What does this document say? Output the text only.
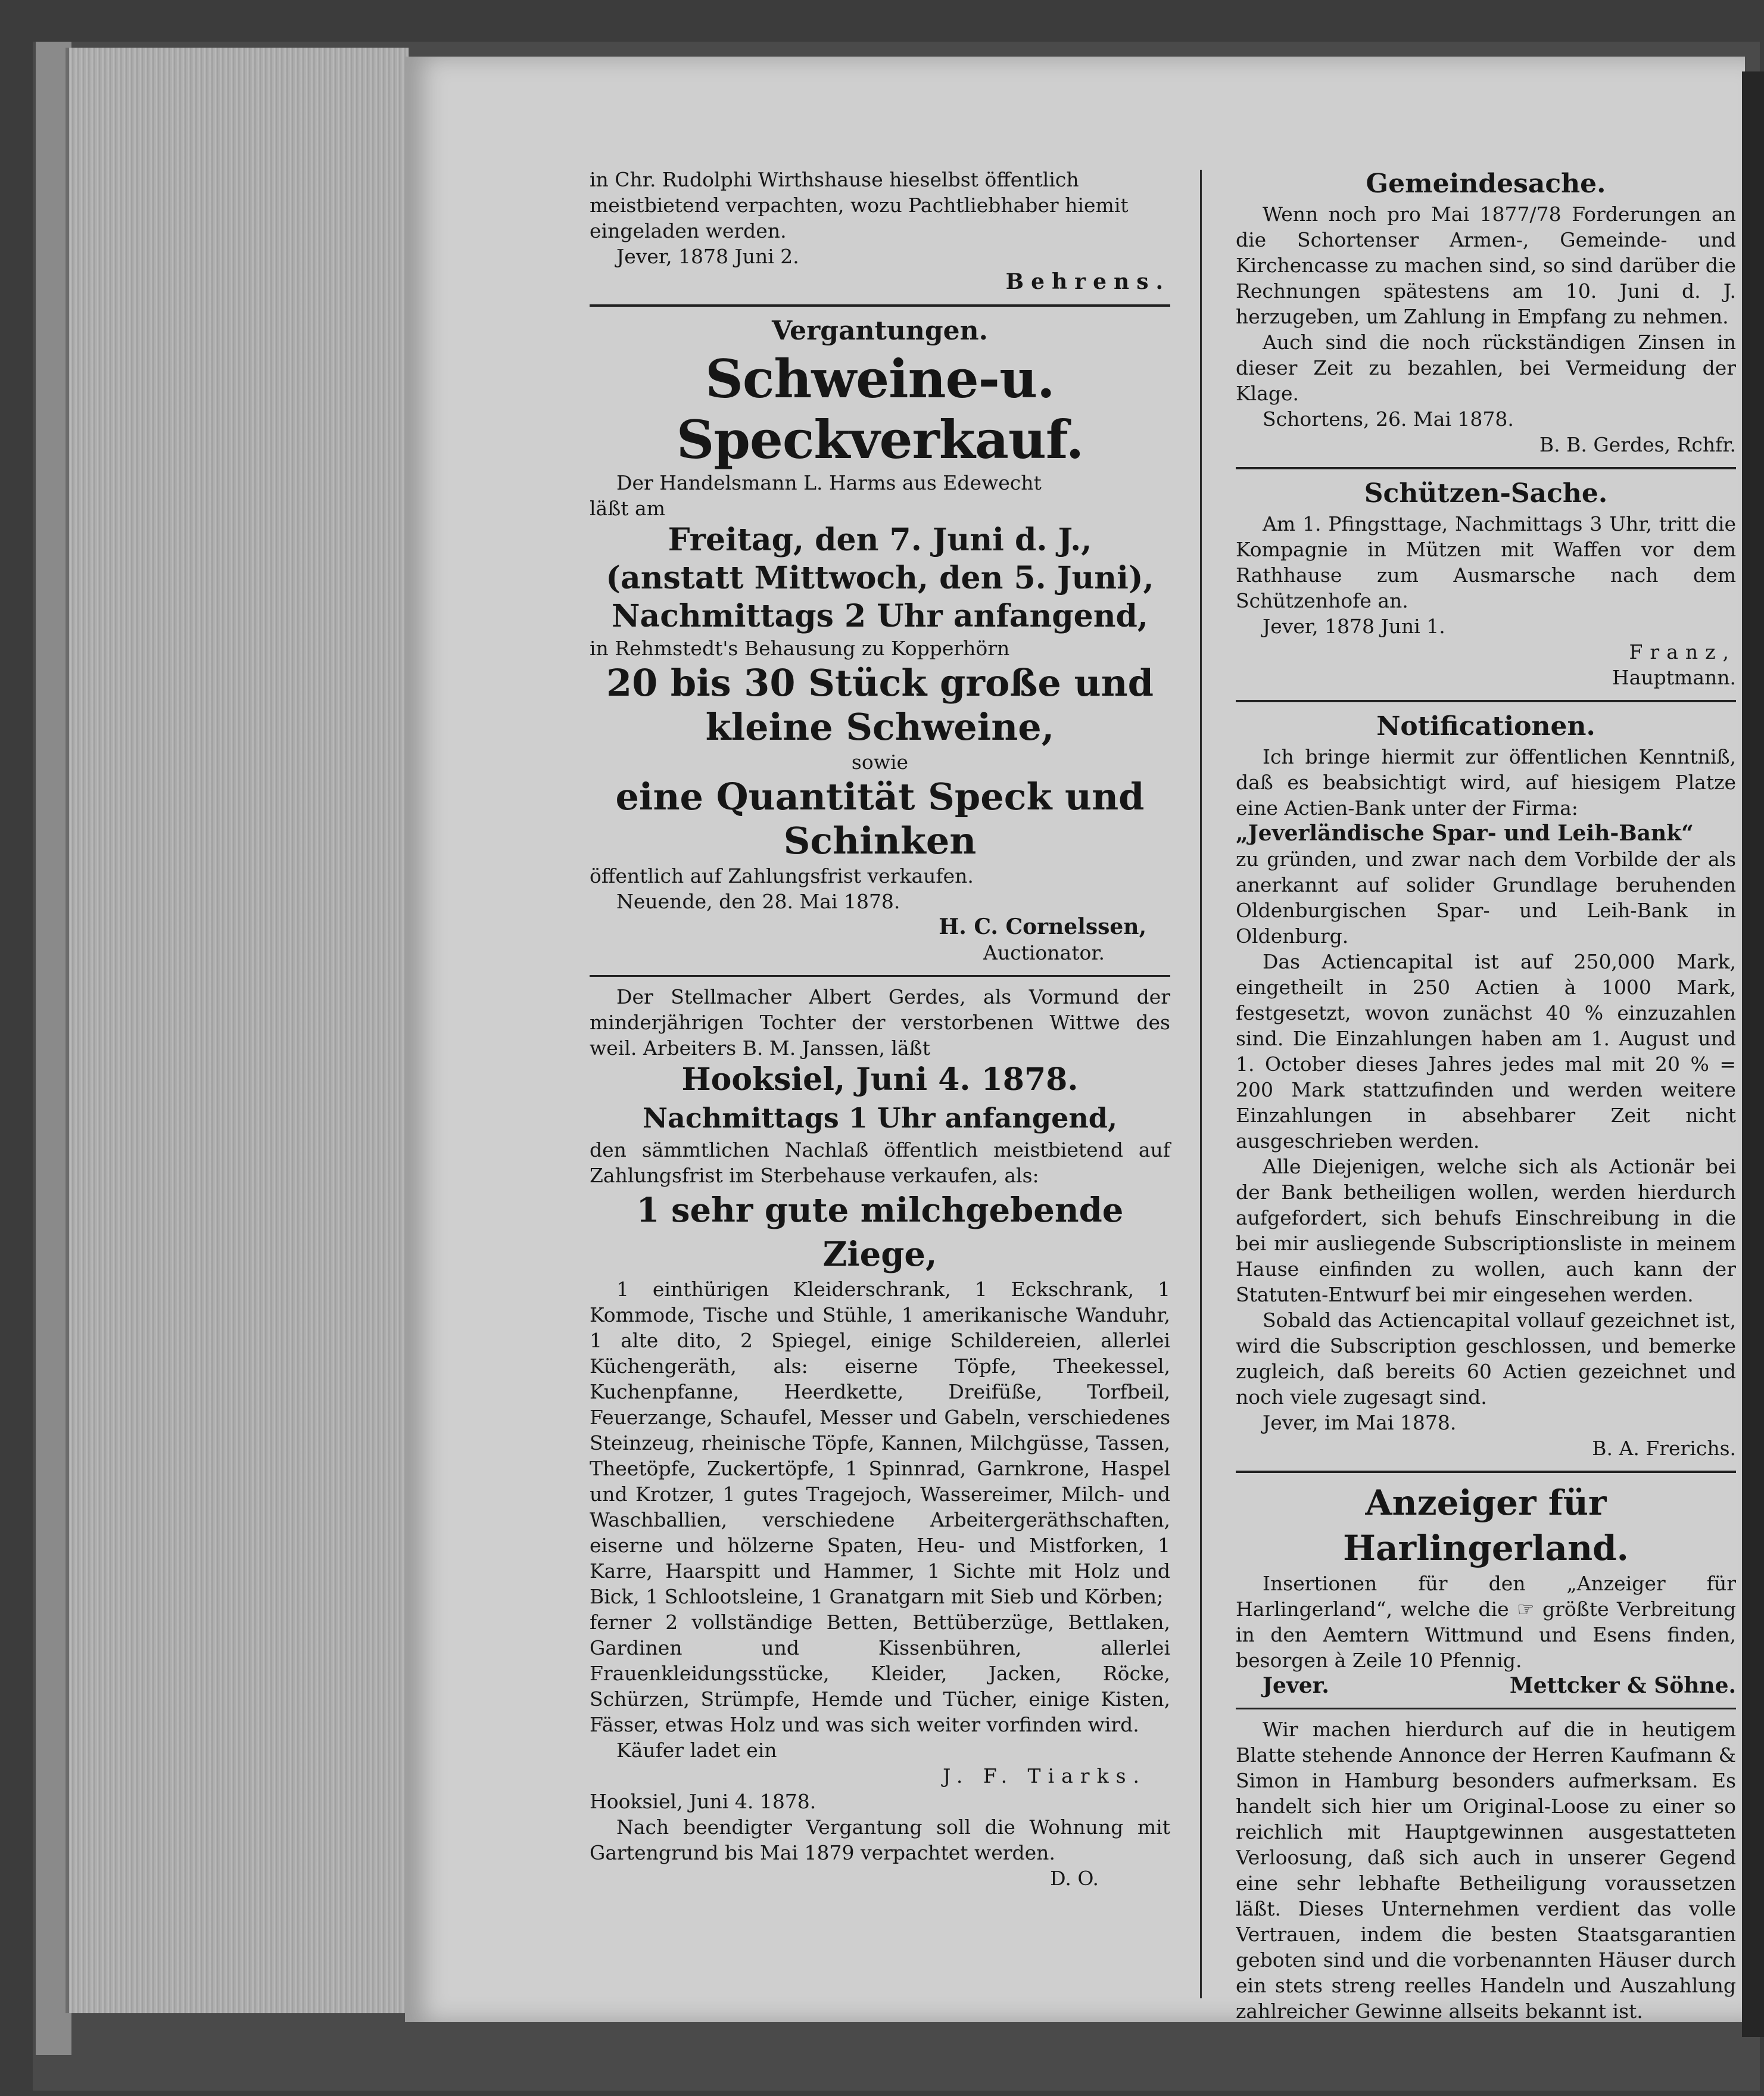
in Chr. Rudolphi Wirthshause hieselbst öffentlich

meistbietend verpachten, wozu Pachtliebhaber hiemit

eingeladen werden.

Jever, 1878 Juni 2.

Behrens.

Vergantungen.

Schweine-u. Speckverkauf.

Der Handelsmann L. Harms aus Edewecht

läßt am

Freitag, den 7. Juni d. J.,

(anstatt Mittwoch, den 5. Juni),

Nachmittags 2 Uhr anfangend,

in Rehmstedt's Behausung zu Kopperhörn

20 bis 30 Stück große und

kleine Schweine,

sowie

eine Quantität Speck und

Schinken

öffentlich auf Zahlungsfrist verkaufen.

Neuende, den 28. Mai 1878.

H. C. Cornelssen,

Auctionator.

Der Stellmacher Albert Gerdes, als Vormund der minderjährigen Tochter der verstorbenen Wittwe des weil. Arbeiters B. M. Janssen, läßt

Hooksiel, Juni 4. 1878.

Nachmittags 1 Uhr anfangend,

den sämmtlichen Nachlaß öffentlich meistbietend auf Zahlungsfrist im Sterbehause verkaufen, als:

1 sehr gute milchgebende Ziege,

1 einthürigen Kleiderschrank, 1 Eckschrank, 1 Kommode, Tische und Stühle, 1 amerikanische Wanduhr, 1 alte dito, 2 Spiegel, einige Schildereien, allerlei Küchengeräth, als: eiserne Töpfe, Theekessel, Kuchenpfanne, Heerdkette, Dreifüße, Torfbeil, Feuerzange, Schaufel, Messer und Gabeln, verschiedenes Steinzeug, rheinische Töpfe, Kannen, Milchgüsse, Tassen, Theetöpfe, Zuckertöpfe, 1 Spinnrad, Garnkrone, Haspel und Krotzer, 1 gutes Tragejoch, Wassereimer, Milch- und Waschballien, verschiedene Arbeitergeräthschaften, eiserne und hölzerne Spaten, Heu- und Mistforken, 1 Karre, Haarspitt und Hammer, 1 Sichte mit Holz und Bick, 1 Schlootsleine, 1 Granatgarn mit Sieb und Körben;

ferner 2 vollständige Betten, Bettüberzüge, Bettlaken, Gardinen und Kissenbühren, allerlei Frauenkleidungsstücke, Kleider, Jacken, Röcke, Schürzen, Strümpfe, Hemde und Tücher, einige Kisten, Fässer, etwas Holz und was sich weiter vorfinden wird.

Käufer ladet ein

J. F. Tiarks.

Hooksiel, Juni 4. 1878.

Nach beendigter Vergantung soll die Wohnung mit Gartengrund bis Mai 1879 verpachtet werden.

D. O.

Gemeindesache.

Wenn noch pro Mai 1877/78 Forderungen an die Schortenser Armen-, Gemeinde- und Kirchencasse zu machen sind, so sind darüber die Rechnungen spätestens am 10. Juni d. J. herzugeben, um Zahlung in Empfang zu nehmen.

Auch sind die noch rückständigen Zinsen in dieser Zeit zu bezahlen, bei Vermeidung der Klage.

Schortens, 26. Mai 1878.

B. B. Gerdes, Rchfr.

Schützen-Sache.

Am 1. Pfingsttage, Nachmittags 3 Uhr, tritt die Kompagnie in Mützen mit Waffen vor dem Rathhause zum Ausmarsche nach dem Schützenhofe an.

Jever, 1878 Juni 1.

Franz,

Hauptmann.

Notificationen.

Ich bringe hiermit zur öffentlichen Kenntniß, daß es beabsichtigt wird, auf hiesigem Platze eine Actien-Bank unter der Firma:

„Jeverländische Spar- und Leih-Bank“

zu gründen, und zwar nach dem Vorbilde der als anerkannt auf solider Grundlage beruhenden Oldenburgischen Spar- und Leih-Bank in Oldenburg.

Das Actiencapital ist auf 250,000 Mark, eingetheilt in 250 Actien à 1000 Mark, festgesetzt, wovon zunächst 40 % einzuzahlen sind. Die Einzahlungen haben am 1. August und 1. October dieses Jahres jedes mal mit 20 % = 200 Mark stattzufinden und werden weitere Einzahlungen in absehbarer Zeit nicht ausgeschrieben werden.

Alle Diejenigen, welche sich als Actionär bei der Bank betheiligen wollen, werden hierdurch aufgefordert, sich behufs Einschreibung in die bei mir ausliegende Subscriptionsliste in meinem Hause einfinden zu wollen, auch kann der Statuten-Entwurf bei mir eingesehen werden.

Sobald das Actiencapital vollauf gezeichnet ist, wird die Subscription geschlossen, und bemerke zugleich, daß bereits 60 Actien gezeichnet und noch viele zugesagt sind.

Jever, im Mai 1878.

B. A. Frerichs.

Anzeiger für Harlingerland.

Insertionen für den „Anzeiger für Harlingerland“, welche die ☞ größte Verbreitung in den Aemtern Wittmund und Esens finden, besorgen à Zeile 10 Pfennig.

Jever.	Mettcker & Söhne.

Wir machen hierdurch auf die in heutigem Blatte stehende Annonce der Herren Kaufmann & Simon in Hamburg besonders aufmerksam. Es handelt sich hier um Original-Loose zu einer so reichlich mit Hauptgewinnen ausgestatteten Verloosung, daß sich auch in unserer Gegend eine sehr lebhafte Betheiligung voraussetzen läßt. Dieses Unternehmen verdient das volle Vertrauen, indem die besten Staatsgarantien geboten sind und die vorbenannten Häuser durch ein stets streng reelles Handeln und Auszahlung zahlreicher Gewinne allseits bekannt ist.
